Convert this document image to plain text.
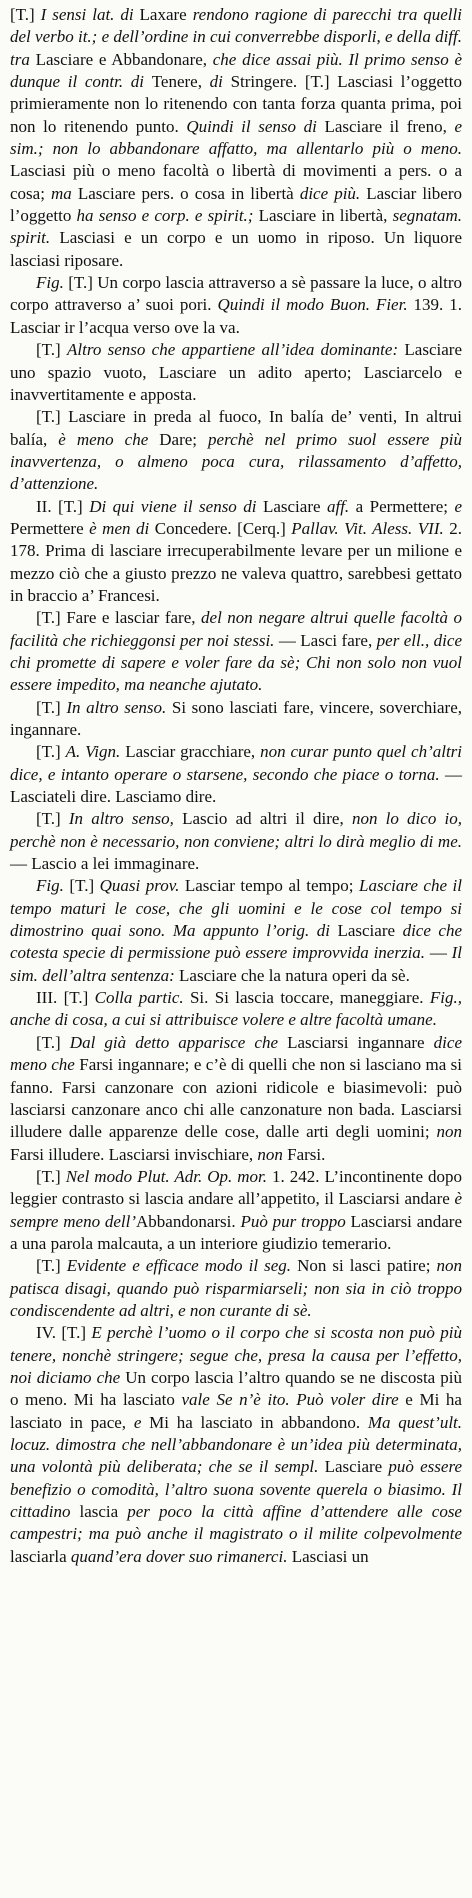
[T.] I sensi lat. di Laxare rendono ragione di parecchi tra quelli del verbo it.; e dell’ordine in cui converrebbe disporli, e della diff. tra Lasciare e Abbandonare, che dice assai più. Il primo senso è dunque il contr. di Tenere, di Stringere. [T.] Lasciasi l’oggetto primieramente non lo ritenendo con tanta forza quanta prima, poi non lo ritenendo punto. Quindi il senso di Lasciare il freno, e sim.; non lo abbandonare affatto, ma allentarlo più o meno. Lasciasi più o meno facoltà o libertà di movimenti a pers. o a cosa; ma Lasciare pers. o cosa in libertà dice più. Lasciar libero l’oggetto ha senso e corp. e spirit.; Lasciare in libertà, segnatam. spirit. Lasciasi e un corpo e un uomo in riposo. Un liquore lasciasi riposare.

Fig. [T.] Un corpo lascia attraverso a sè passare la luce, o altro corpo attraverso a’ suoi pori. Quindi il modo Buon. Fier. 139. 1. Lasciar ir l’acqua verso ove la va.

[T.] Altro senso che appartiene all’idea dominante: Lasciare uno spazio vuoto, Lasciare un adito aperto; Lasciarcelo e inavvertitamente e apposta.

[T.] Lasciare in preda al fuoco, In balía de’ venti, In altrui balía, è meno che Dare; perchè nel primo suol essere più inavvertenza, o almeno poca cura, rilassamento d’affetto, d’attenzione.

II. [T.] Di qui viene il senso di Lasciare aff. a Permettere; e Permettere è men di Concedere. [Cerq.] Pallav. Vit. Aless. VII. 2. 178. Prima di lasciare irrecuperabilmente levare per un milione e mezzo ciò che a giusto prezzo ne valeva quattro, sarebbesi gettato in braccio a’ Francesi.

[T.] Fare e lasciar fare, del non negare altrui quelle facoltà o facilità che richieggonsi per noi stessi. — Lasci fare, per ell., dice chi promette di sapere e voler fare da sè; Chi non solo non vuol essere impedito, ma neanche ajutato.

[T.] In altro senso. Si sono lasciati fare, vincere, soverchiare, ingannare.

[T.] A. Vign. Lasciar gracchiare, non curar punto quel ch’altri dice, e intanto operare o starsene, secondo che piace o torna. — Lasciateli dire. Lasciamo dire.

[T.] In altro senso, Lascio ad altri il dire, non lo dico io, perchè non è necessario, non conviene; altri lo dirà meglio di me. — Lascio a lei immaginare.

Fig. [T.] Quasi prov. Lasciar tempo al tempo; Lasciare che il tempo maturi le cose, che gli uomini e le cose col tempo si dimostrino quai sono. Ma appunto l’orig. di Lasciare dice che cotesta specie di permissione può essere improvvida inerzia. — Il sim. dell’altra sentenza: Lasciare che la natura operi da sè.

III. [T.] Colla partic. Si. Si lascia toccare, maneggiare. Fig., anche di cosa, a cui si attribuisce volere e altre facoltà umane.

[T.] Dal già detto apparisce che Lasciarsi ingannare dice meno che Farsi ingannare; e c’è di quelli che non si lasciano ma si fanno. Farsi canzonare con azioni ridicole e biasimevoli: può lasciarsi canzonare anco chi alle canzonature non bada. Lasciarsi illudere dalle apparenze delle cose, dalle arti degli uomini; non Farsi illudere. Lasciarsi invischiare, non Farsi.

[T.] Nel modo Plut. Adr. Op. mor. 1. 242. L’incontinente dopo leggier contrasto si lascia andare all’appetito, il Lasciarsi andare è sempre meno dell’Abbandonarsi. Può pur troppo Lasciarsi andare a una parola malcauta, a un interiore giudizio temerario.

[T.] Evidente e efficace modo il seg. Non si lasci patire; non patisca disagi, quando può risparmiarseli; non sia in ciò troppo condiscendente ad altri, e non curante di sè.

IV. [T.] E perchè l’uomo o il corpo che si scosta non può più tenere, nonchè stringere; segue che, presa la causa per l’effetto, noi diciamo che Un corpo lascia l’altro quando se ne discosta più o meno. Mi ha lasciato vale Se n’è ito. Può voler dire e Mi ha lasciato in pace, e Mi ha lasciato in abbandono. Ma quest’ult. locuz. dimostra che nell’abbandonare è un’idea più determinata, una volontà più deliberata; che se il sempl. Lasciare può essere benefizio o comodità, l’altro suona sovente querela o biasimo. Il cittadino lascia per poco la città affine d’attendere alle cose campestri; ma può anche il magistrato o il milite colpevolmente lasciarla quand’era dover suo rimanerci. Lasciasi un
